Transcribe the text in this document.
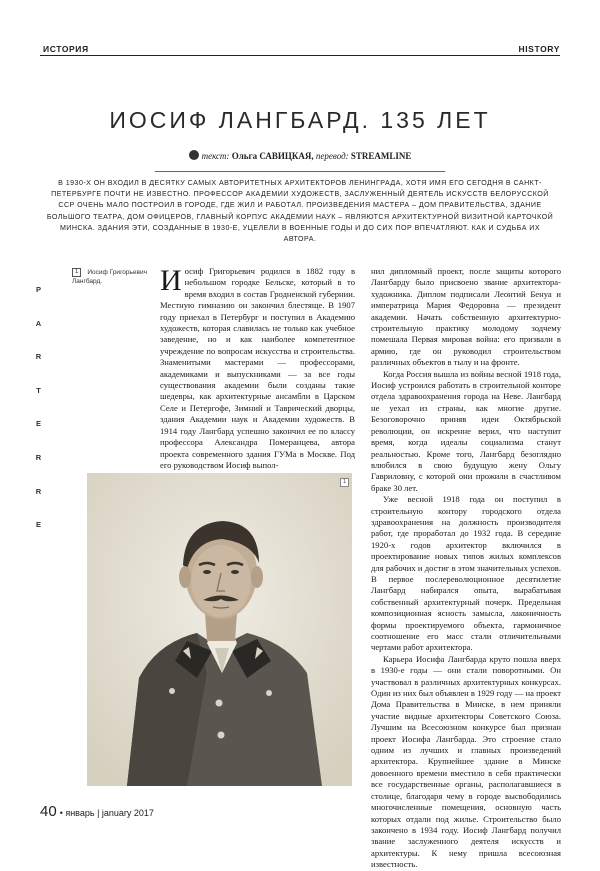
ИСТОРИЯ	HISTORY
ИОСИФ ЛАНГБАРД. 135 ЛЕТ
текст: Ольга САВИЦКАЯ, перевод: STREAMLINE
В 1930-Х ОН ВХОДИЛ В ДЕСЯТКУ САМЫХ АВТОРИТЕТНЫХ АРХИТЕКТОРОВ ЛЕНИНГРАДА, ХОТЯ ИМЯ ЕГО СЕГОДНЯ В САНКТ-ПЕТЕРБУРГЕ ПОЧТИ НЕ ИЗВЕСТНО. ПРОФЕССОР АКАДЕМИИ ХУДОЖЕСТВ, ЗАСЛУЖЕННЫЙ ДЕЯТЕЛЬ ИСКУССТВ БЕЛОРУССКОЙ ССР ОЧЕНЬ МАЛО ПОСТРОИЛ В ГОРОДЕ, ГДЕ ЖИЛ И РАБОТАЛ. ПРОИЗВЕДЕНИЯ МАСТЕРА – ДОМ ПРАВИТЕЛЬСТВА, ЗДАНИЕ БОЛЬШОГО ТЕАТРА, ДОМ ОФИЦЕРОВ, ГЛАВНЫЙ КОРПУС АКАДЕМИИ НАУК – ЯВЛЯЮТСЯ АРХИТЕКТУРНОЙ ВИЗИТНОЙ КАРТОЧКОЙ МИНСКА. ЗДАНИЯ ЭТИ, СОЗДАННЫЕ В 1930-Е, УЦЕЛЕЛИ В ВОЕННЫЕ ГОДЫ И ДО СИХ ПОР ВПЕЧАТЛЯЮТ. КАК И СУДЬБА ИХ АВТОРА.
P
A
R
T
E
R
R
E
1 Иосиф Григорьевич Лангбард.	Иосиф Григорьевич родился в 1882 году в небольшом городке Бельске, который в то время входил в состав Гродненской губернии. Местную гимназию он закончил блестяще. В 1907 году приехал в Петербург и поступил в Академию художеств, которая славилась не только как учебное заведение, но и как наиболее компетентное учреждение по вопросам искусства и строительства. Знаменитыми мастерами — профессорами, академиками и выпускниками — за все годы существования академии были созданы такие шедевры, как архитектурные ансамбли в Царском Селе и Петергофе, Зимний и Таврический дворцы, здания Академии наук и Академии художеств. В 1914 году Лангбард успешно закончил ее по классу профессора Александра Померанцева, автора проекта современного здания ГУМа в Москве. Под его руководством Иосиф выпол-

нил дипломный проект, после защиты которого Лангбарду было присвоено звание архитектора-художника. Диплом подписали Леонтий Бенуа и императрица Мария Федоровна — президент академии. Начать собственную архитектурно-строительную практику молодому зодчему помешала Первая мировая война: его призвали в армию, где он руководил строительством различных объектов в тылу и на фронте.

Когда Россия вышла из войны весной 1918 года, Иосиф устроился работать в строительной конторе отдела здравоохранения города на Неве. Лангбард не уехал из страны, как многие другие. Безоговорочно приняв идеи Октябрьской революции, он искренне верил, что наступит время, когда идеалы социализма станут реальностью. Кроме того, Лангбард безоглядно влюбился в свою будущую жену Ольгу Гавриловну, с которой они прожили в счастливом браке 30 лет.

Уже весной 1918 года он поступил в строительную контору городского отдела здравоохранения на должность производителя работ, где проработал до 1932 года. В середине 1920-х годов архитектор включился в проектирование новых типов жилых комплексов для рабочих и достиг в этом значительных успехов. В первое послереволюционное десятилетие Лангбард набирался опыта, вырабатывая собственный архитектурный почерк. Предельная композиционная ясность замысла, лаконичность формы проектируемого объекта, гармоничное соотношение его масс стали отличительными чертами работ архитектора.

Карьера Иосифа Лангбарда круто пошла вверх в 1930-е годы — они стали поворотными. Он участвовал в различных архитектурных конкурсах. Один из них был объявлен в 1929 году — на проект Дома Правительства в Минске, в нем приняли участие видные архитекторы Советского Союза. Лучшим на Всесоюзном конкурсе был признан проект Иосифа Лангбарда. Это строение стало одним из лучших и главных произведений архитектора. Крупнейшее здание в Минске довоенного времени вместило в себя практически все государственные органы, располагавшиеся в столице, благодаря чему в городе высвободились многочисленные помещения, основную часть которых отдали под жилье. Строительство было закончено в 1934 году. Иосиф Лангбард получил звание заслуженного деятеля искусств и архитектуры. К нему пришла всесоюзная известность.

1
40 • январь | january 2017
